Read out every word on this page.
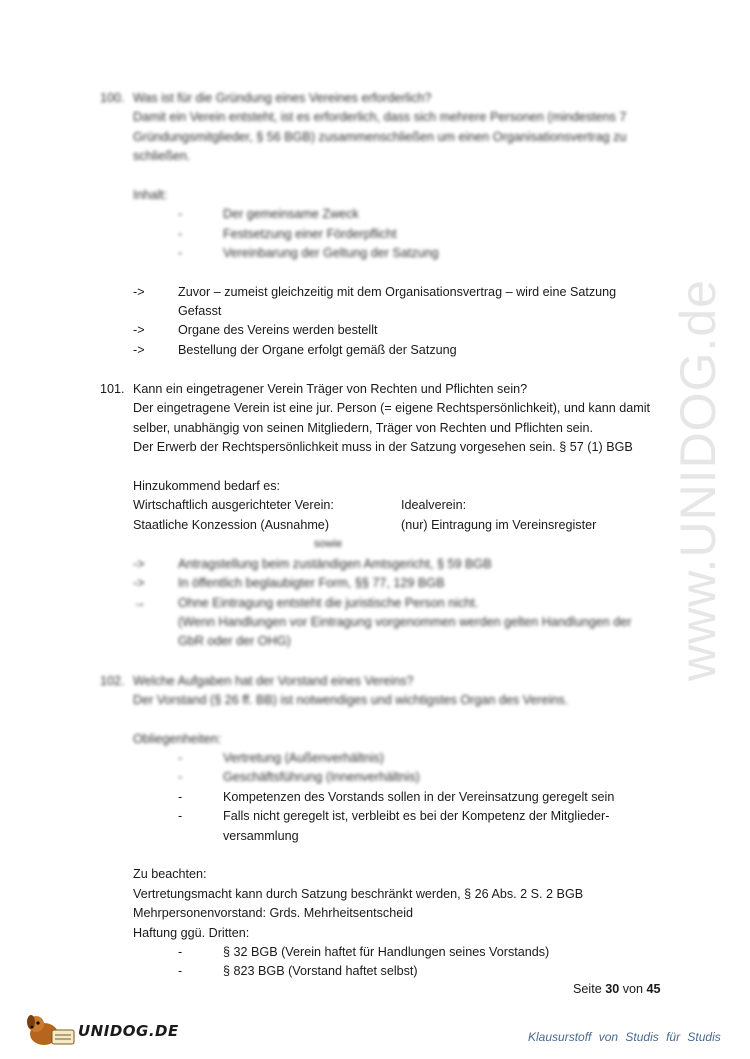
www.UNIDOG.de
100. Was ist für die Gründung eines Vereines erforderlich?
Damit ein Verein entsteht, ist es erforderlich, dass sich mehrere Personen (mindestens 7
Gründungsmitglieder, § 56 BGB) zusammenschließen um einen Organisationsvertrag zu
schließen.
Inhalt:
-	Der gemeinsame Zweck
-	Festsetzung einer Förderpflicht
-	Vereinbarung der Geltung der Satzung
->	Zuvor – zumeist gleichzeitig mit dem Organisationsvertrag – wird eine Satzung
Gefasst
->	Organe des Vereins werden bestellt
->	Bestellung der Organe erfolgt gemäß der Satzung
101. Kann ein eingetragener Verein Träger von Rechten und Pflichten sein?
Der eingetragene Verein ist eine jur. Person (= eigene Rechtspersönlichkeit), und kann damit
selber, unabhängig von seinen Mitgliedern, Träger von Rechten und Pflichten sein.
Der Erwerb der Rechtspersönlichkeit muss in der Satzung vorgesehen sein. § 57 (1) BGB
Hinzukommend bedarf es:
Wirtschaftlich ausgerichteter Verein:	Idealverein:
Staatliche Konzession (Ausnahme)	(nur) Eintragung im Vereinsregister
sowie
->	Antragstellung beim zuständigen Amtsgericht, § 59 BGB
->	In öffentlich beglaubigter Form, §§ 77, 129 BGB
→	Ohne Eintragung entsteht die juristische Person nicht.
(Wenn Handlungen vor Eintragung vorgenommen werden gelten Handlungen der
GbR oder der OHG)
102. Welche Aufgaben hat der Vorstand eines Vereins?
Der Vorstand (§ 26 ff. BB) ist notwendiges und wichtigstes Organ des Vereins.
Obliegenheiten:
-	Vertretung (Außenverhältnis)
-	Geschäftsführung (Innenverhältnis)
-	Kompetenzen des Vorstands sollen in der Vereinsatzung geregelt sein
-	Falls nicht geregelt ist, verbleibt es bei der Kompetenz der Mitglieder-
versammlung
Zu beachten:
Vertretungsmacht kann durch Satzung beschränkt werden, § 26 Abs. 2 S. 2 BGB
Mehrpersonenvorstand: Grds. Mehrheitsentscheid
Haftung ggü. Dritten:
-	§ 32 BGB (Verein haftet für Handlungen seines Vorstands)
-	§ 823 BGB (Vorstand haftet selbst)
Seite 30 von 45
UNIDOG.DE	Klausurstoff von Studis für Studis
